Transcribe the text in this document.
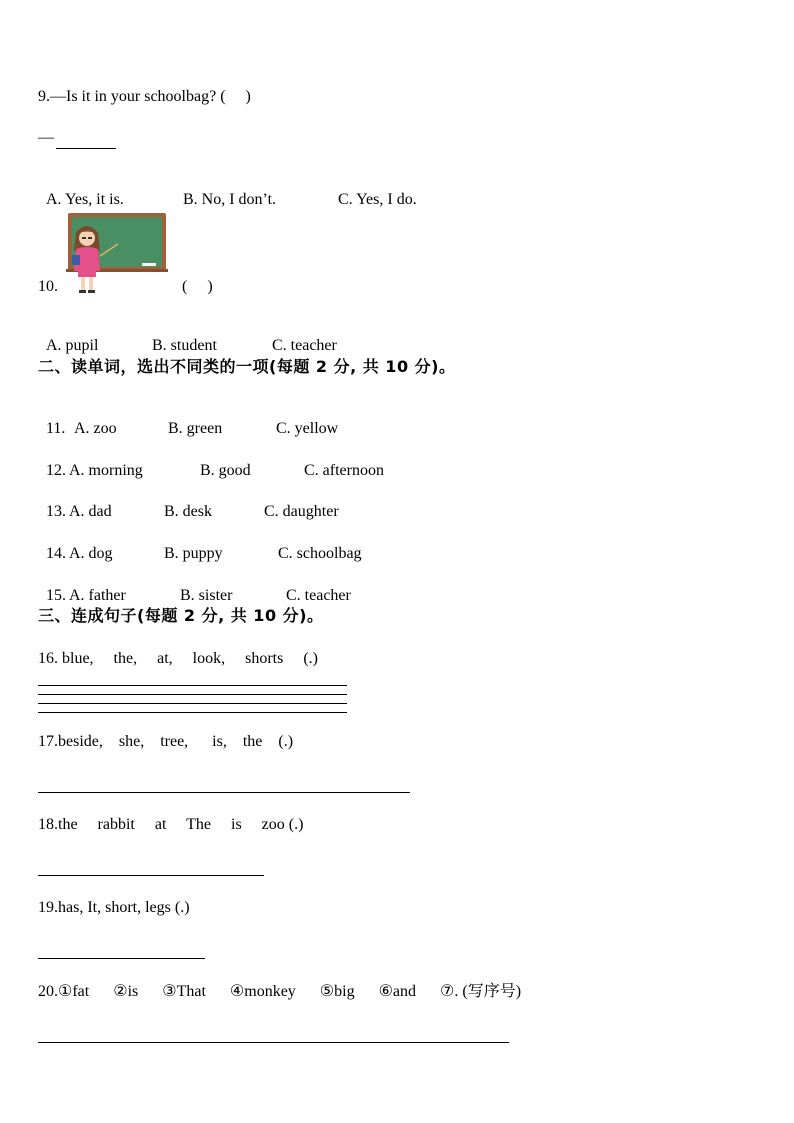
9.—Is it in your schoolbag? (     )
—

A. Yes, it is.	B. No, I don’t.	C. Yes, I do.

10.	(     )

A. pupil	B. student	C. teacher

二、读单词，选出不同类的一项(每题 2 分, 共 10 分)。

11. A. zoo	B. green	C. yellow

12. A. morning	B. good	C. afternoon

13. A. dad	B. desk	C. daughter

14. A. dog	B. puppy	C. schoolbag

15. A. father	B. sister	C. teacher

三、连成句子(每题 2 分, 共 10 分)。
16. blue,     the,     at,     look,     shorts     (.)
17.beside,    she,    tree,      is,    the    (.)
18.the     rabbit     at     The     is     zoo (.)
19.has, It, short, legs (.)
20.①fat      ②is      ③That      ④monkey      ⑤big      ⑥and      ⑦. (写序号)
